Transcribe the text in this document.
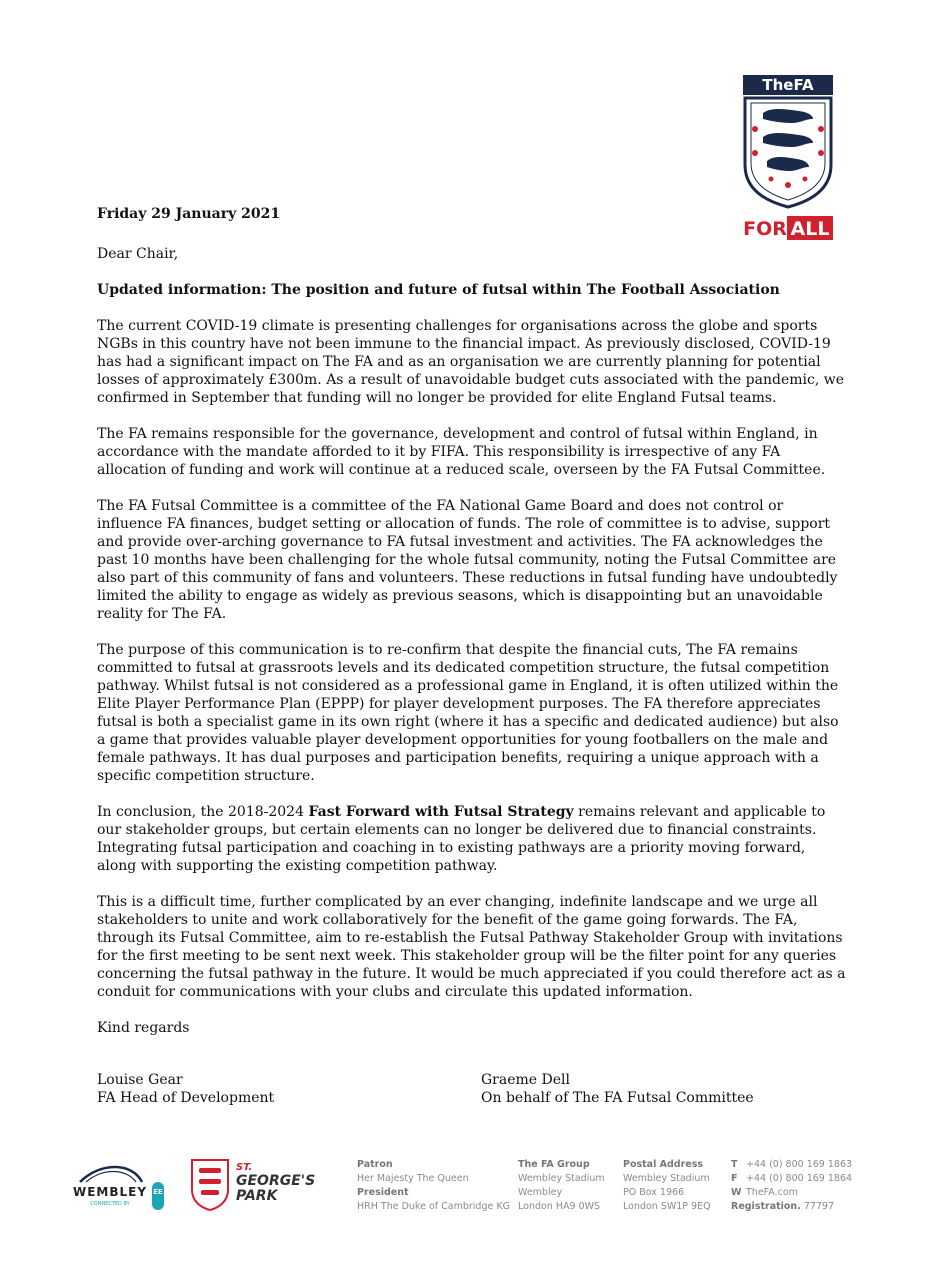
TheFA
FOR ALL
Friday 29 January 2021
Dear Chair,
Updated information: The position and future of futsal within The Football Association

The current COVID-19 climate is presenting challenges for organisations across the globe and sports NGBs in this country have not been immune to the financial impact. As previously disclosed, COVID-19 has had a significant impact on The FA and as an organisation we are currently planning for potential losses of approximately £300m. As a result of unavoidable budget cuts associated with the pandemic, we confirmed in September that funding will no longer be provided for elite England Futsal teams.

The FA remains responsible for the governance, development and control of futsal within England, in accordance with the mandate afforded to it by FIFA. This responsibility is irrespective of any FA allocation of funding and work will continue at a reduced scale, overseen by the FA Futsal Committee.

The FA Futsal Committee is a committee of the FA National Game Board and does not control or influence FA finances, budget setting or allocation of funds. The role of committee is to advise, support and provide over-arching governance to FA futsal investment and activities. The FA acknowledges the past 10 months have been challenging for the whole futsal community, noting the Futsal Committee are also part of this community of fans and volunteers. These reductions in futsal funding have undoubtedly limited the ability to engage as widely as previous seasons, which is disappointing but an unavoidable reality for The FA.

The purpose of this communication is to re-confirm that despite the financial cuts, The FA remains committed to futsal at grassroots levels and its dedicated competition structure, the futsal competition pathway. Whilst futsal is not considered as a professional game in England, it is often utilized within the Elite Player Performance Plan (EPPP) for player development purposes. The FA therefore appreciates futsal is both a specialist game in its own right (where it has a specific and dedicated audience) but also a game that provides valuable player development opportunities for young footballers on the male and female pathways. It has dual purposes and participation benefits, requiring a unique approach with a specific competition structure.

In conclusion, the 2018-2024 Fast Forward with Futsal Strategy remains relevant and applicable to our stakeholder groups, but certain elements can no longer be delivered due to financial constraints. Integrating futsal participation and coaching in to existing pathways are a priority moving forward, along with supporting the existing competition pathway.

This is a difficult time, further complicated by an ever changing, indefinite landscape and we urge all stakeholders to unite and work collaboratively for the benefit of the game going forwards. The FA, through its Futsal Committee, aim to re-establish the Futsal Pathway Stakeholder Group with invitations for the first meeting to be sent next week. This stakeholder group will be the filter point for any queries concerning the futsal pathway in the future. It would be much appreciated if you could therefore act as a conduit for communications with your clubs and circulate this updated information.

Kind regards
Louise Gear
FA Head of Development
Graeme Dell
On behalf of The FA Futsal Committee
WEMBLEY
CONNECTED BY
EE
ST.
GEORGE'S
PARK
Patron
Her Majesty The Queen
President
HRH The Duke of Cambridge KG
The FA Group
Wembley Stadium
Wembley
London HA9 0WS
Postal Address
Wembley Stadium
PO Box 1966
London SW1P 9EQ
T +44 (0) 800 169 1863
F +44 (0) 800 169 1864
W TheFA.com
Registration. 77797
